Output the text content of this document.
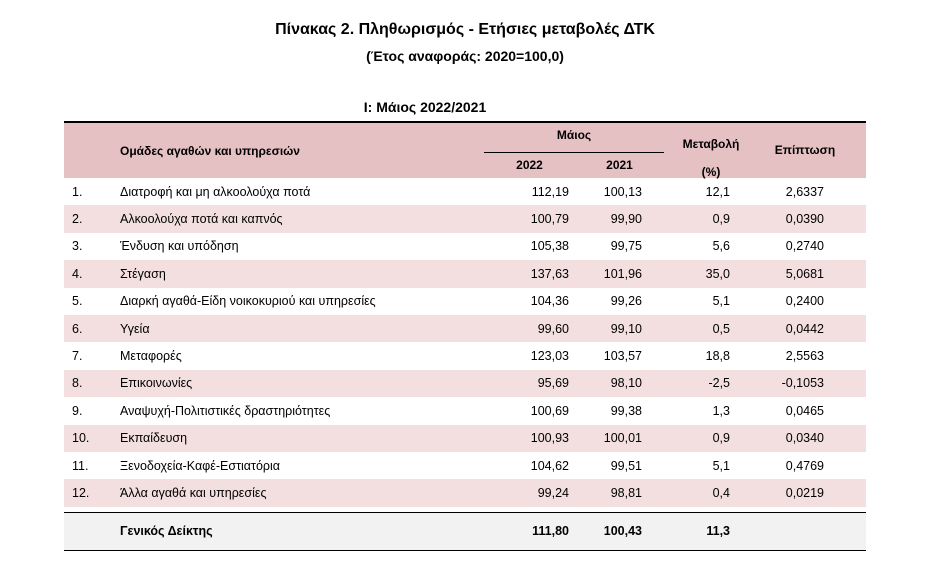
Πίνακας 2. Πληθωρισμός - Ετήσιες μεταβολές ΔΤΚ
(Έτος αναφοράς: 2020=100,0)
Ι: Μάιος 2022/2021
Ομάδες αγαθών και υπηρεσιών
Μάιος
2022	2021
Μεταβολή
(%)
Επίπτωση
1.	Διατροφή και μη αλκοολούχα ποτά	112,19	100,13	12,1	2,6337
2.	Αλκοολούχα ποτά και καπνός	100,79	99,90	0,9	0,0390
3.	Ένδυση και υπόδηση	105,38	99,75	5,6	0,2740
4.	Στέγαση	137,63	101,96	35,0	5,0681
5.	Διαρκή αγαθά-Είδη νοικοκυριού και υπηρεσίες	104,36	99,26	5,1	0,2400
6.	Υγεία	99,60	99,10	0,5	0,0442
7.	Μεταφορές	123,03	103,57	18,8	2,5563
8.	Επικοινωνίες	95,69	98,10	-2,5	-0,1053
9.	Αναψυχή-Πολιτιστικές δραστηριότητες	100,69	99,38	1,3	0,0465
10.	Εκπαίδευση	100,93	100,01	0,9	0,0340
11.	Ξενοδοχεία-Καφέ-Εστιατόρια	104,62	99,51	5,1	0,4769
12.	Άλλα αγαθά και υπηρεσίες	99,24	98,81	0,4	0,0219
Γενικός Δείκτης	111,80	100,43	11,3
